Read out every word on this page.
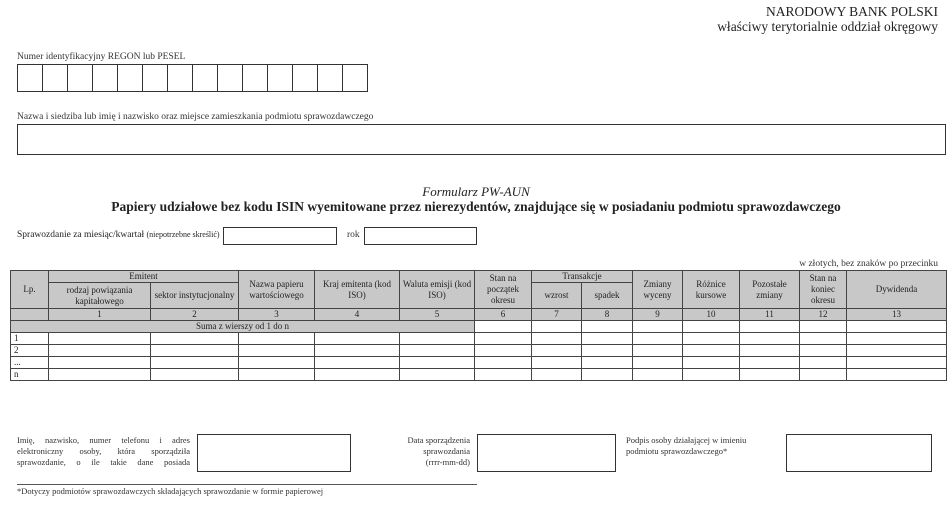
NARODOWY BANK POLSKI
właściwy terytorialnie oddział okręgowy
Numer identyfikacyjny REGON lub PESEL
Nazwa i siedziba lub imię i nazwisko oraz miejsce zamieszkania podmiotu sprawozdawczego
Formularz PW-AUN
Papiery udziałowe bez kodu ISIN wyemitowane przez nierezydentów, znajdujące się w posiadaniu podmiotu sprawozdawczego
Sprawozdanie za miesiąc/kwartał (niepotrzebne skreślić)	rok
w złotych, bez znaków po przecinku
Lp.	Emitent		Nazwa papieru wartościowego	Kraj emitenta (kod ISO)	Waluta emisji (kod ISO)	Stan na początek okresu	Transakcje		Zmiany wyceny	Różnice kursowe	Pozostałe zmiany	Stan na koniec okresu	Dywidenda
	rodzaj powiązania kapitałowego	sektor instytucjonalny					wzrost	spadek					
	1	2	3	4	5	6	7	8	9	10	11	12	13
Suma z wierszy od 1 do n													
1													
2													
...													
n													
Imię, nazwisko, numer telefonu i adres elektroniczny osoby, która sporządziła sprawozdanie, o ile takie dane posiada
Data sporządzenia sprawozdania
(rrrr-mm-dd)
Podpis osoby działającej w imieniu podmiotu sprawozdawczego*
*Dotyczy podmiotów sprawozdawczych składających sprawozdanie w formie papierowej
